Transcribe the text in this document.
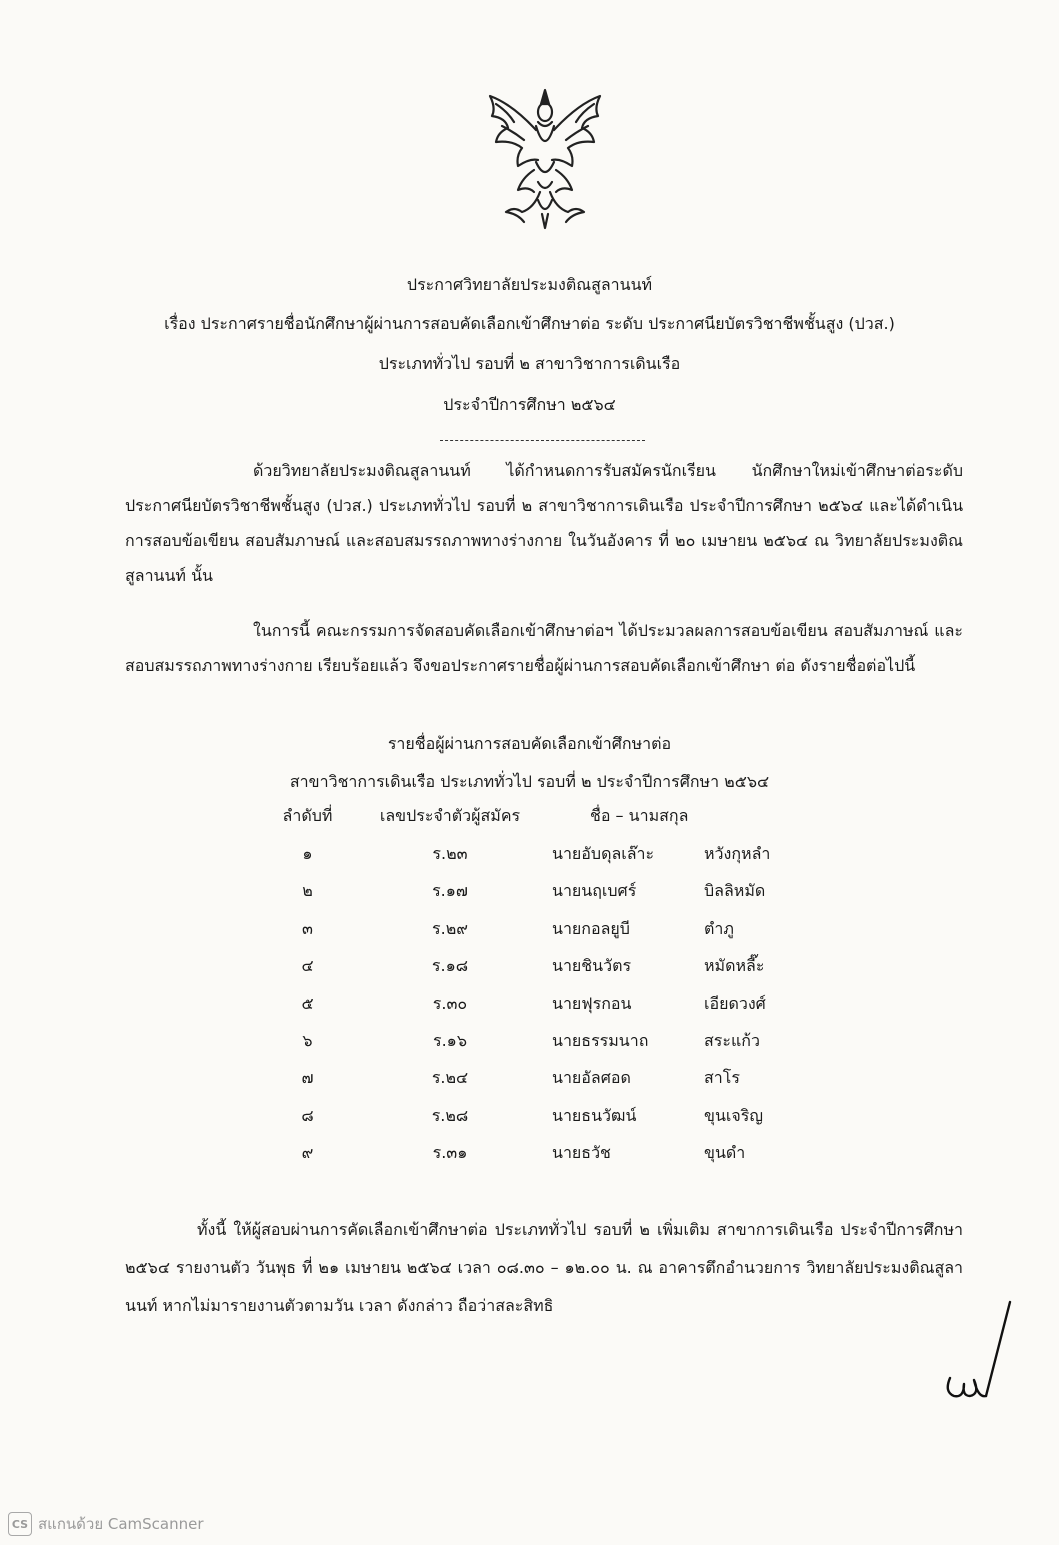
ประกาศวิทยาลัยประมงติณสูลานนท์
เรื่อง ประกาศรายชื่อนักศึกษาผู้ผ่านการสอบคัดเลือกเข้าศึกษาต่อ ระดับ ประกาศนียบัตรวิชาชีพชั้นสูง (ปวส.)
ประเภททั่วไป รอบที่ ๒ สาขาวิชาการเดินเรือ
ประจำปีการศึกษา ๒๕๖๔

ด้วยวิทยาลัยประมงติณสูลานนท์ ได้กำหนดการรับสมัครนักเรียน นักศึกษาใหม่เข้าศึกษาต่อระดับ ประกาศนียบัตรวิชาชีพชั้นสูง (ปวส.) ประเภททั่วไป รอบที่ ๒ สาขาวิชาการเดินเรือ ประจำปีการศึกษา ๒๕๖๔ และได้ดำเนินการสอบข้อเขียน สอบสัมภาษณ์ และสอบสมรรถภาพทางร่างกาย ในวันอังคาร ที่ ๒๐ เมษายน ๒๕๖๔ ณ วิทยาลัยประมงติณสูลานนท์ นั้น

ในการนี้ คณะกรรมการจัดสอบคัดเลือกเข้าศึกษาต่อฯ ได้ประมวลผลการสอบข้อเขียน สอบสัมภาษณ์ และสอบสมรรถภาพทางร่างกาย เรียบร้อยแล้ว จึงขอประกาศรายชื่อผู้ผ่านการสอบคัดเลือกเข้าศึกษา ต่อ ดังรายชื่อต่อไปนี้

รายชื่อผู้ผ่านการสอบคัดเลือกเข้าศึกษาต่อ
สาขาวิชาการเดินเรือ ประเภททั่วไป รอบที่ ๒ ประจำปีการศึกษา ๒๕๖๔
ลำดับที่	เลขประจำตัวผู้สมัคร	ชื่อ – นามสกุล
๑	ร.๒๓	นายอับดุลเล๊าะ	หวังกุหลำ
๒	ร.๑๗	นายนฤเบศร์	บิลลิหมัด
๓	ร.๒๙	นายกอลยูบี	ตำภู
๔	ร.๑๘	นายชินวัตร	หมัดหลี๊ะ
๕	ร.๓๐	นายฟุรกอน	เอียดวงศ์
๖	ร.๑๖	นายธรรมนาถ	สระแก้ว
๗	ร.๒๔	นายอัลศอด	สาโร
๘	ร.๒๘	นายธนวัฒน์	ขุนเจริญ
๙	ร.๓๑	นายธวัช	ขุนดำ

ทั้งนี้ ให้ผู้สอบผ่านการคัดเลือกเข้าศึกษาต่อ ประเภททั่วไป รอบที่ ๒ เพิ่มเติม สาขาการเดินเรือ ประจำปีการศึกษา ๒๕๖๔ รายงานตัว วันพุธ ที่ ๒๑ เมษายน ๒๕๖๔ เวลา ๐๘.๓๐ – ๑๒.๐๐ น. ณ อาคารตึกอำนวยการ วิทยาลัยประมงติณสูลานนท์ หากไม่มารายงานตัวตามวัน เวลา ดังกล่าว ถือว่าสละสิทธิ

CS สแกนด้วย CamScanner
